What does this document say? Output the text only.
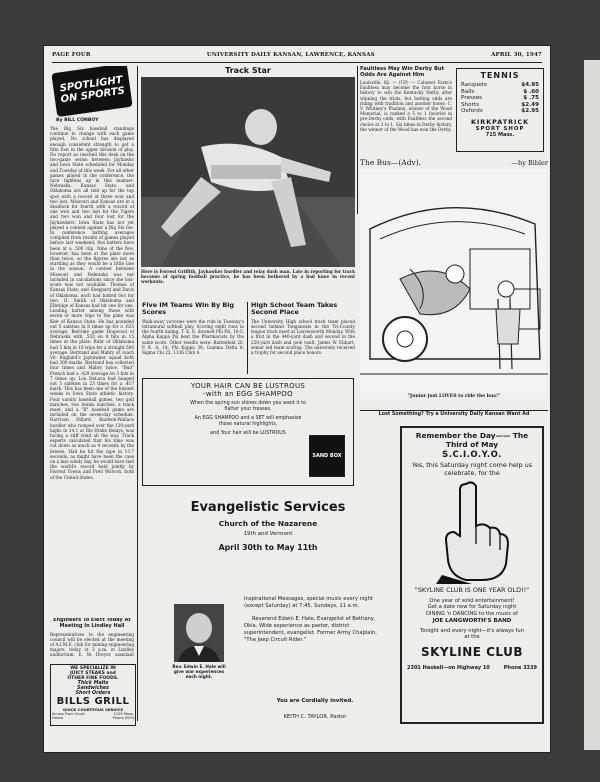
PAGE FOUR	UNIVERSITY DAILY KANSAN, LAWRENCE, KANSAS	APRIL 30, 1947
SPOTLIGHT ON SPORTS
By BILL CONBOY
The Big Six baseball standings continue to change with each game played. No school has displayed enough consistent strength to get a firm foot in the upper division of play. No report as reached this desk on the two-game series between Jayhawks and Iowa State scheduled for Monday and Tuesday of this week. For all other games played in the conference, the race tightens up in this manner: Nebraska, Kansas State, and Oklahoma are all tied up for the top spot with a record of three won and two lost. Missouri and Kansas are in a deadlock for fourth with a record of one won and two lost for the Tigers and two won and four lost for the Jayhawkers. Iowa State has not yet played a contest against a Big Six foe. In conference batting averages compiled from results of games played before last weekend, five batters have been at a .500 clip. Nine of the five, however, has been at the plate more than twice, so the figures are not as startling as they would be a little late in the season. A contest between Missouri and Nebraska was not included in calculations since the box-score was not available. Thomas of Kansas State, and Sheppard and Davis of Oklahoma, each had batted two for two. H. Smith of Oklahoma and Elbridge of Kansas had hit one for one. Leading batter among those with seven or more trips to the plate was Kier of Kansas State. He has pounded out 5 safeties in 8 times up for a .625 average. Red-line game Hogwood of Nebraska with .533 on 8 hits in 15 times at the plate. Ruhr of Oklahoma had 5 hits in 10 trips for a straight 500 average. Bertrand and Mabry of coach Vic Rugland's Jayhawker squad both had 300 marks. Bertrand has collected four times and Mabry twice. "Bud" French had a .429 average on 3 hits in 7 times up. Lou DeLuca had banged out 5 safeties in 23 times for a .417 mark. This has been one of the busiest weeks in Iowa State athletic history. Four varsity baseball games, two golf matches, two tennis matches, a track meet, and a "B" baseball game are included on the seven-day schedule. Harrison Dillard, Baldwin-Wallace hurdler who romped over the 120-yard highs in 14.1 at the Drake Relays, was facing a stiff wind all the way. Track experts calculated that his time was cut down as much as 4 seconds by the breeze. Had he hit the tape in 13.7 seconds, as might have been the case on a less windy day, he would have tied the world's record held jointly by Forrest Towns and Fred Wolcott, both of the United States.
Engineers To Elect Today At Meeting In Lindley Hall
Representatives to the engineering council will be elected at the meeting of A.I.M.E. club for mining engineering majors, today at 3 p.m. in Lindley auditorium. E. M. Dreyer, assistant
WE SPECIALIZE IN
JUICY STEAKS and
OTHER FINE FOODS.
Thick Malts
Sandwiches
Short Orders
BILLS GRILL
QUICK COURTEOUS SERVICE
Across From Court House
1109 Mass. Phone 2054
Track Star
Here is Forrest Griffith, Jayhawker hurdler and relay dash man. Late in reporting for track because of spring football practice, he has been bothered by a bad knee in recent workouts.
Faultless May Win Derby But Odds Are Against Him
Louisville, Ky. — (UP) — Calumet Farm's Faultless may become the first horse in history to win the Kentucky Derby after winning the trials, but betting odds are riding with tradition and another horse. C. V. Whitney's Phalanx, winner of the Wood Memorial, is ranked a 5 to 1 favorite in pre-Derby odds, with Faultless the second choice at 2 to 1. Six times in Derby history, the winner of the Wood has won the Derby.
TENNIS
Racquets	$4.95
Balls	$ .60
Presses	$ .75
Shorts	$2.49
Oxfords	$2.95
KIRKPATRICK
SPORT SHOP
715 Mass.
The Bus—(Adv).	—by Bibler
"Junior just LOVES to ride the bus!"
Lost Something? Try a University Daily Kansan Want Ad
Five IM Teams Win By Big Scores
Walk-away victories were the rule in Tuesday's intramural softball play. Scoring eight runs in the fourth inning, T. K. E. downed Phi Psi, 18-5. Alpha Kappa Psi beat the Pharmacists by the same score. Other results were: Battenfeld 26, P. K. A. 14; Phi Kappa 36, Gamma Delta 8; Sigma Chi 22, 1136 Club 4.
High School Team Takes Second Place
The University High school track team placed second behind Tonganoxie in the Tri-County league track meet at Leavenworth Monday. With a first in the 440-yard dash and second in the 220-yard dash and pole vault, James W. Ebbart, senior led team scoring. The university received a trophy for second place honors.
YOUR HAIR CAN BE LUSTROUS
-with an EGG SHAMPOO
When the spring sun shines down you want it to flatter your tresses.
An EGG SHAMPOO and a SET will emphasize those natural highlights,
and Your hair will be LUSTROUS
SAND BOX
Remember the Day—— The Third of May
S.C.I.O.Y.O.
Yes, this Saturday night come help us celebrate, for the
"SKYLINE CLUB IS ONE YEAR OLD!!"
One year of solid entertainment!
Get a date now for Saturday night
DINING 'n DANCING to the music of
JOE LANGWORTH'S BAND
Tonight and every night—it's always fun at the
SKYLINE CLUB
2301 Haskell—on Highway 10	Phone 3339
Evangelistic Services
Church of the Nazarene
19th and Vermont
April 30th to May 11th
Rev. Edwin E. Hale will give war experiences each night.
Inspirational Messages, special music every night (except Saturday) at 7:45. Sundays, 11 a.m.
Reverend Edwin E. Hale, Evangelist of Bethany, Okla. Wide experience as pastor, district superintendent, evangelist. Former Army Chaplain, "The Jeep Circuit Rider."
You are Cordially invited.
KEITH C. TAYLOR, Pastor
